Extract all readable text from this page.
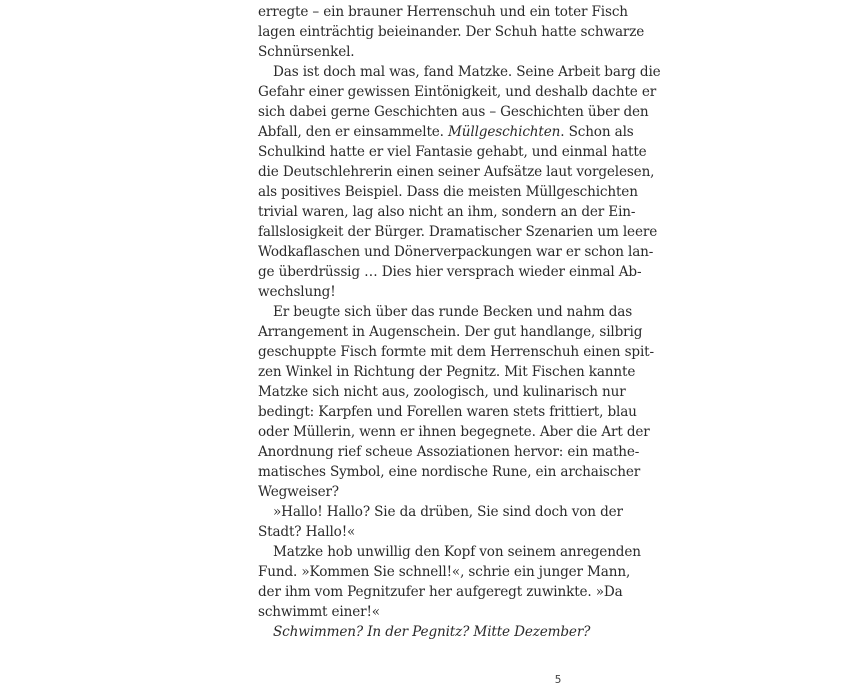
erregte – ein brauner Herrenschuh und ein toter Fisch
lagen einträchtig beieinander. Der Schuh hatte schwarze
Schnürsenkel.
Das ist doch mal was, fand Matzke. Seine Arbeit barg die
Gefahr einer gewissen Eintönigkeit, und deshalb dachte er
sich dabei gerne Geschichten aus – Geschichten über den
Abfall, den er einsammelte. Müllgeschichten. Schon als
Schulkind hatte er viel Fantasie gehabt, und einmal hatte
die Deutschlehrerin einen seiner Aufsätze laut vorgelesen,
als positives Beispiel. Dass die meisten Müllgeschichten
trivial waren, lag also nicht an ihm, sondern an der Ein-
fallslosigkeit der Bürger. Dramatischer Szenarien um leere
Wodkaflaschen und Dönerverpackungen war er schon lan-
ge überdrüssig … Dies hier versprach wieder einmal Ab-
wechslung!
Er beugte sich über das runde Becken und nahm das
Arrangement in Augenschein. Der gut handlange, silbrig
geschuppte Fisch formte mit dem Herrenschuh einen spit-
zen Winkel in Richtung der Pegnitz. Mit Fischen kannte
Matzke sich nicht aus, zoologisch, und kulinarisch nur
bedingt: Karpfen und Forellen waren stets frittiert, blau
oder Müllerin, wenn er ihnen begegnete. Aber die Art der
Anordnung rief scheue Assoziationen hervor: ein mathe-
matisches Symbol, eine nordische Rune, ein archaischer
Wegweiser?
»Hallo! Hallo? Sie da drüben, Sie sind doch von der
Stadt? Hallo!«
Matzke hob unwillig den Kopf von seinem anregenden
Fund. »Kommen Sie schnell!«, schrie ein junger Mann,
der ihm vom Pegnitzufer her aufgeregt zuwinkte. »Da
schwimmt einer!«
Schwimmen? In der Pegnitz? Mitte Dezember?
5
